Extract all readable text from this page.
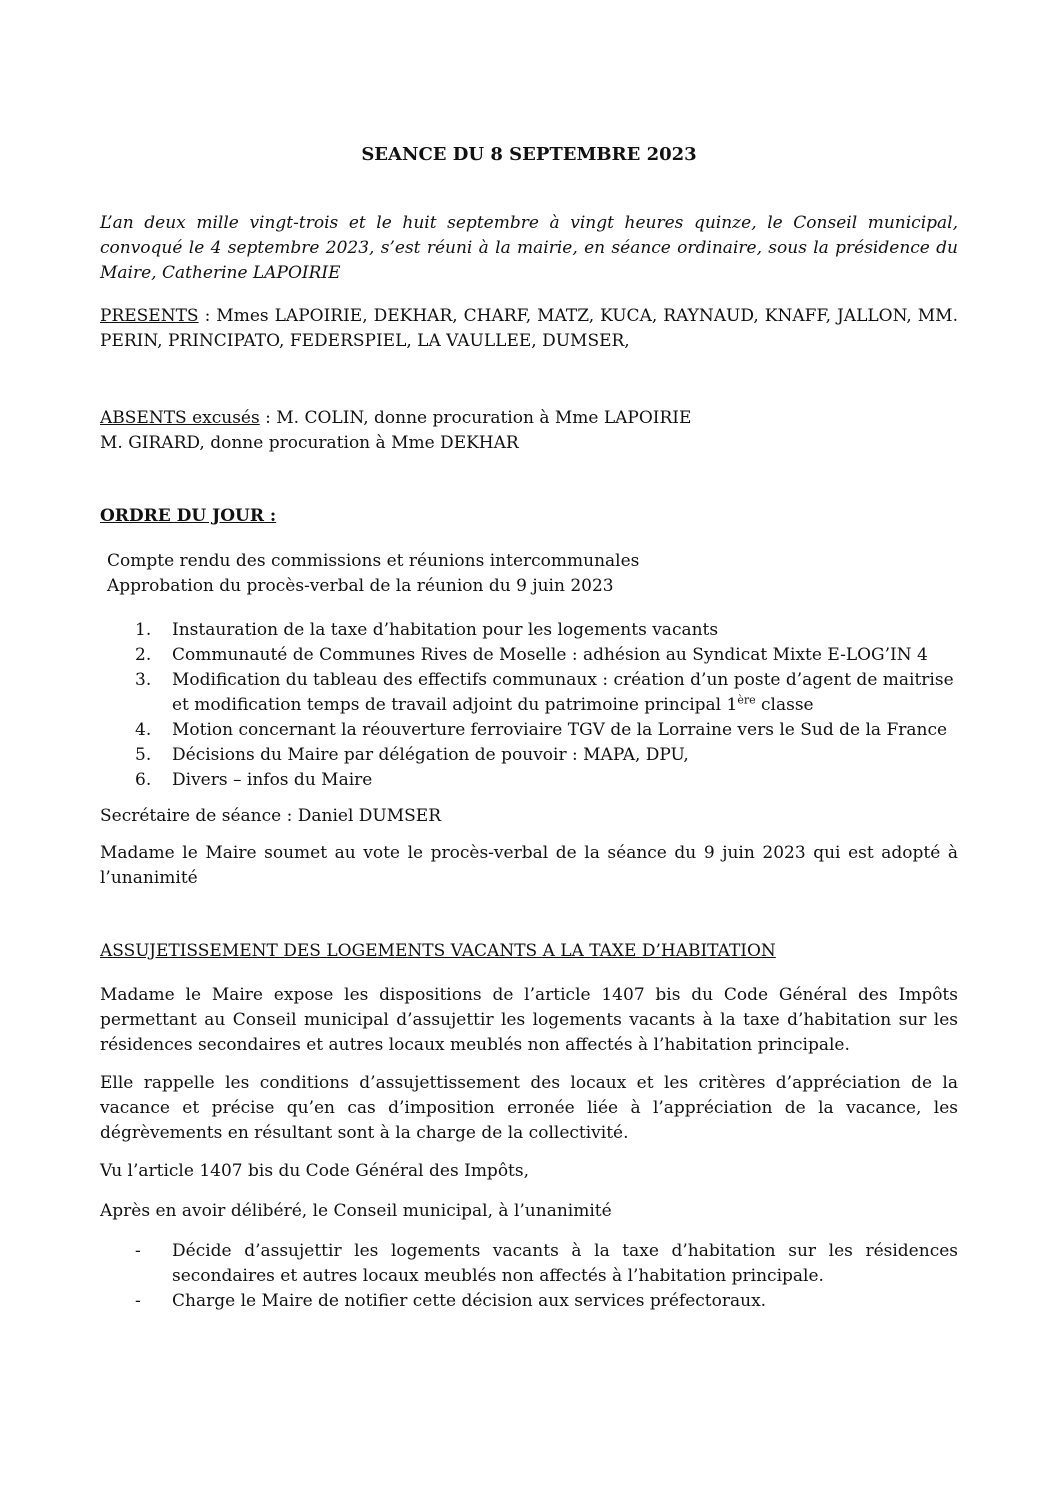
SEANCE DU 8 SEPTEMBRE 2023

L’an deux mille vingt-trois et le huit septembre à vingt heures quinze, le Conseil municipal, convoqué le 4 septembre 2023, s’est réuni à la mairie, en séance ordinaire, sous la présidence du Maire, Catherine LAPOIRIE

PRESENTS : Mmes LAPOIRIE, DEKHAR, CHARF, MATZ, KUCA, RAYNAUD, KNAFF, JALLON, MM. PERIN, PRINCIPATO, FEDERSPIEL, LA VAULLEE, DUMSER,

ABSENTS excusés : M. COLIN, donne procuration à Mme LAPOIRIE
M. GIRARD, donne procuration à Mme DEKHAR

ORDRE DU JOUR :

Compte rendu des commissions et réunions intercommunales
Approbation du procès-verbal de la réunion du 9 juin 2023

1.	Instauration de la taxe d’habitation pour les logements vacants
2.	Communauté de Communes Rives de Moselle : adhésion au Syndicat Mixte E-LOG’IN 4
3.	Modification du tableau des effectifs communaux : création d’un poste d’agent de maitrise et modification temps de travail adjoint du patrimoine principal 1ère classe
4.	Motion concernant la réouverture ferroviaire TGV de la Lorraine vers le Sud de la France
5.	Décisions du Maire par délégation de pouvoir : MAPA, DPU,
6.	Divers – infos du Maire

Secrétaire de séance : Daniel DUMSER

Madame le Maire soumet au vote le procès-verbal de la séance du 9 juin 2023 qui est adopté à l’unanimité

ASSUJETISSEMENT DES LOGEMENTS VACANTS A LA TAXE D’HABITATION

Madame le Maire expose les dispositions de l’article 1407 bis du Code Général des Impôts permettant au Conseil municipal d’assujettir les logements vacants à la taxe d’habitation sur les résidences secondaires et autres locaux meublés non affectés à l’habitation principale.

Elle rappelle les conditions d’assujettissement des locaux et les critères d’appréciation de la vacance et précise qu’en cas d’imposition erronée liée à l’appréciation de la vacance, les dégrèvements en résultant sont à la charge de la collectivité.

Vu l’article 1407 bis du Code Général des Impôts,

Après en avoir délibéré, le Conseil municipal, à l’unanimité

-	Décide d’assujettir les logements vacants à la taxe d’habitation sur les résidences secondaires et autres locaux meublés non affectés à l’habitation principale.
-	Charge le Maire de notifier cette décision aux services préfectoraux.
